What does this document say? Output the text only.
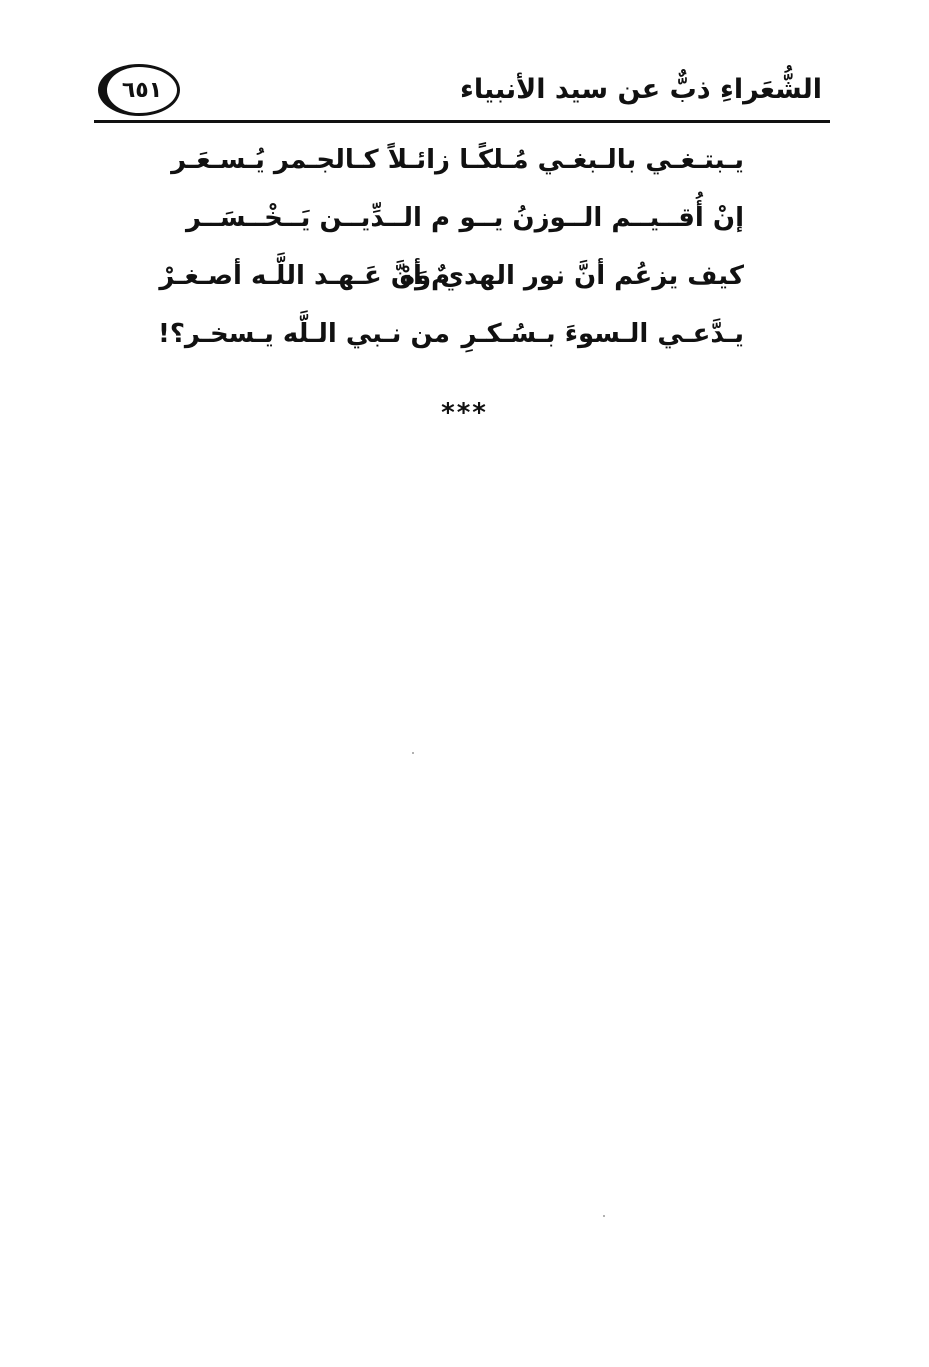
الشُّعَراءِ ذبٌّ عن سيد الأنبياء
٦٥١
يـبتـغـي بالـبغـي مُـلكًـا
زائـلاً كـالجـمر يُـسـعَـر
إنْ أُقــيــم الــوزنُ يــو
م الــدِّيــن يَــخْــسَــر
كيف يزعُم أنَّ نور الهدي وَهْ
مٌ أنَّ عَـهـد اللَّـه أصـغـرْ
يـدَّعـي الـسوءَ بـسُـكـرِ
من نـبي الـلَّه يـسخـر؟!
***
